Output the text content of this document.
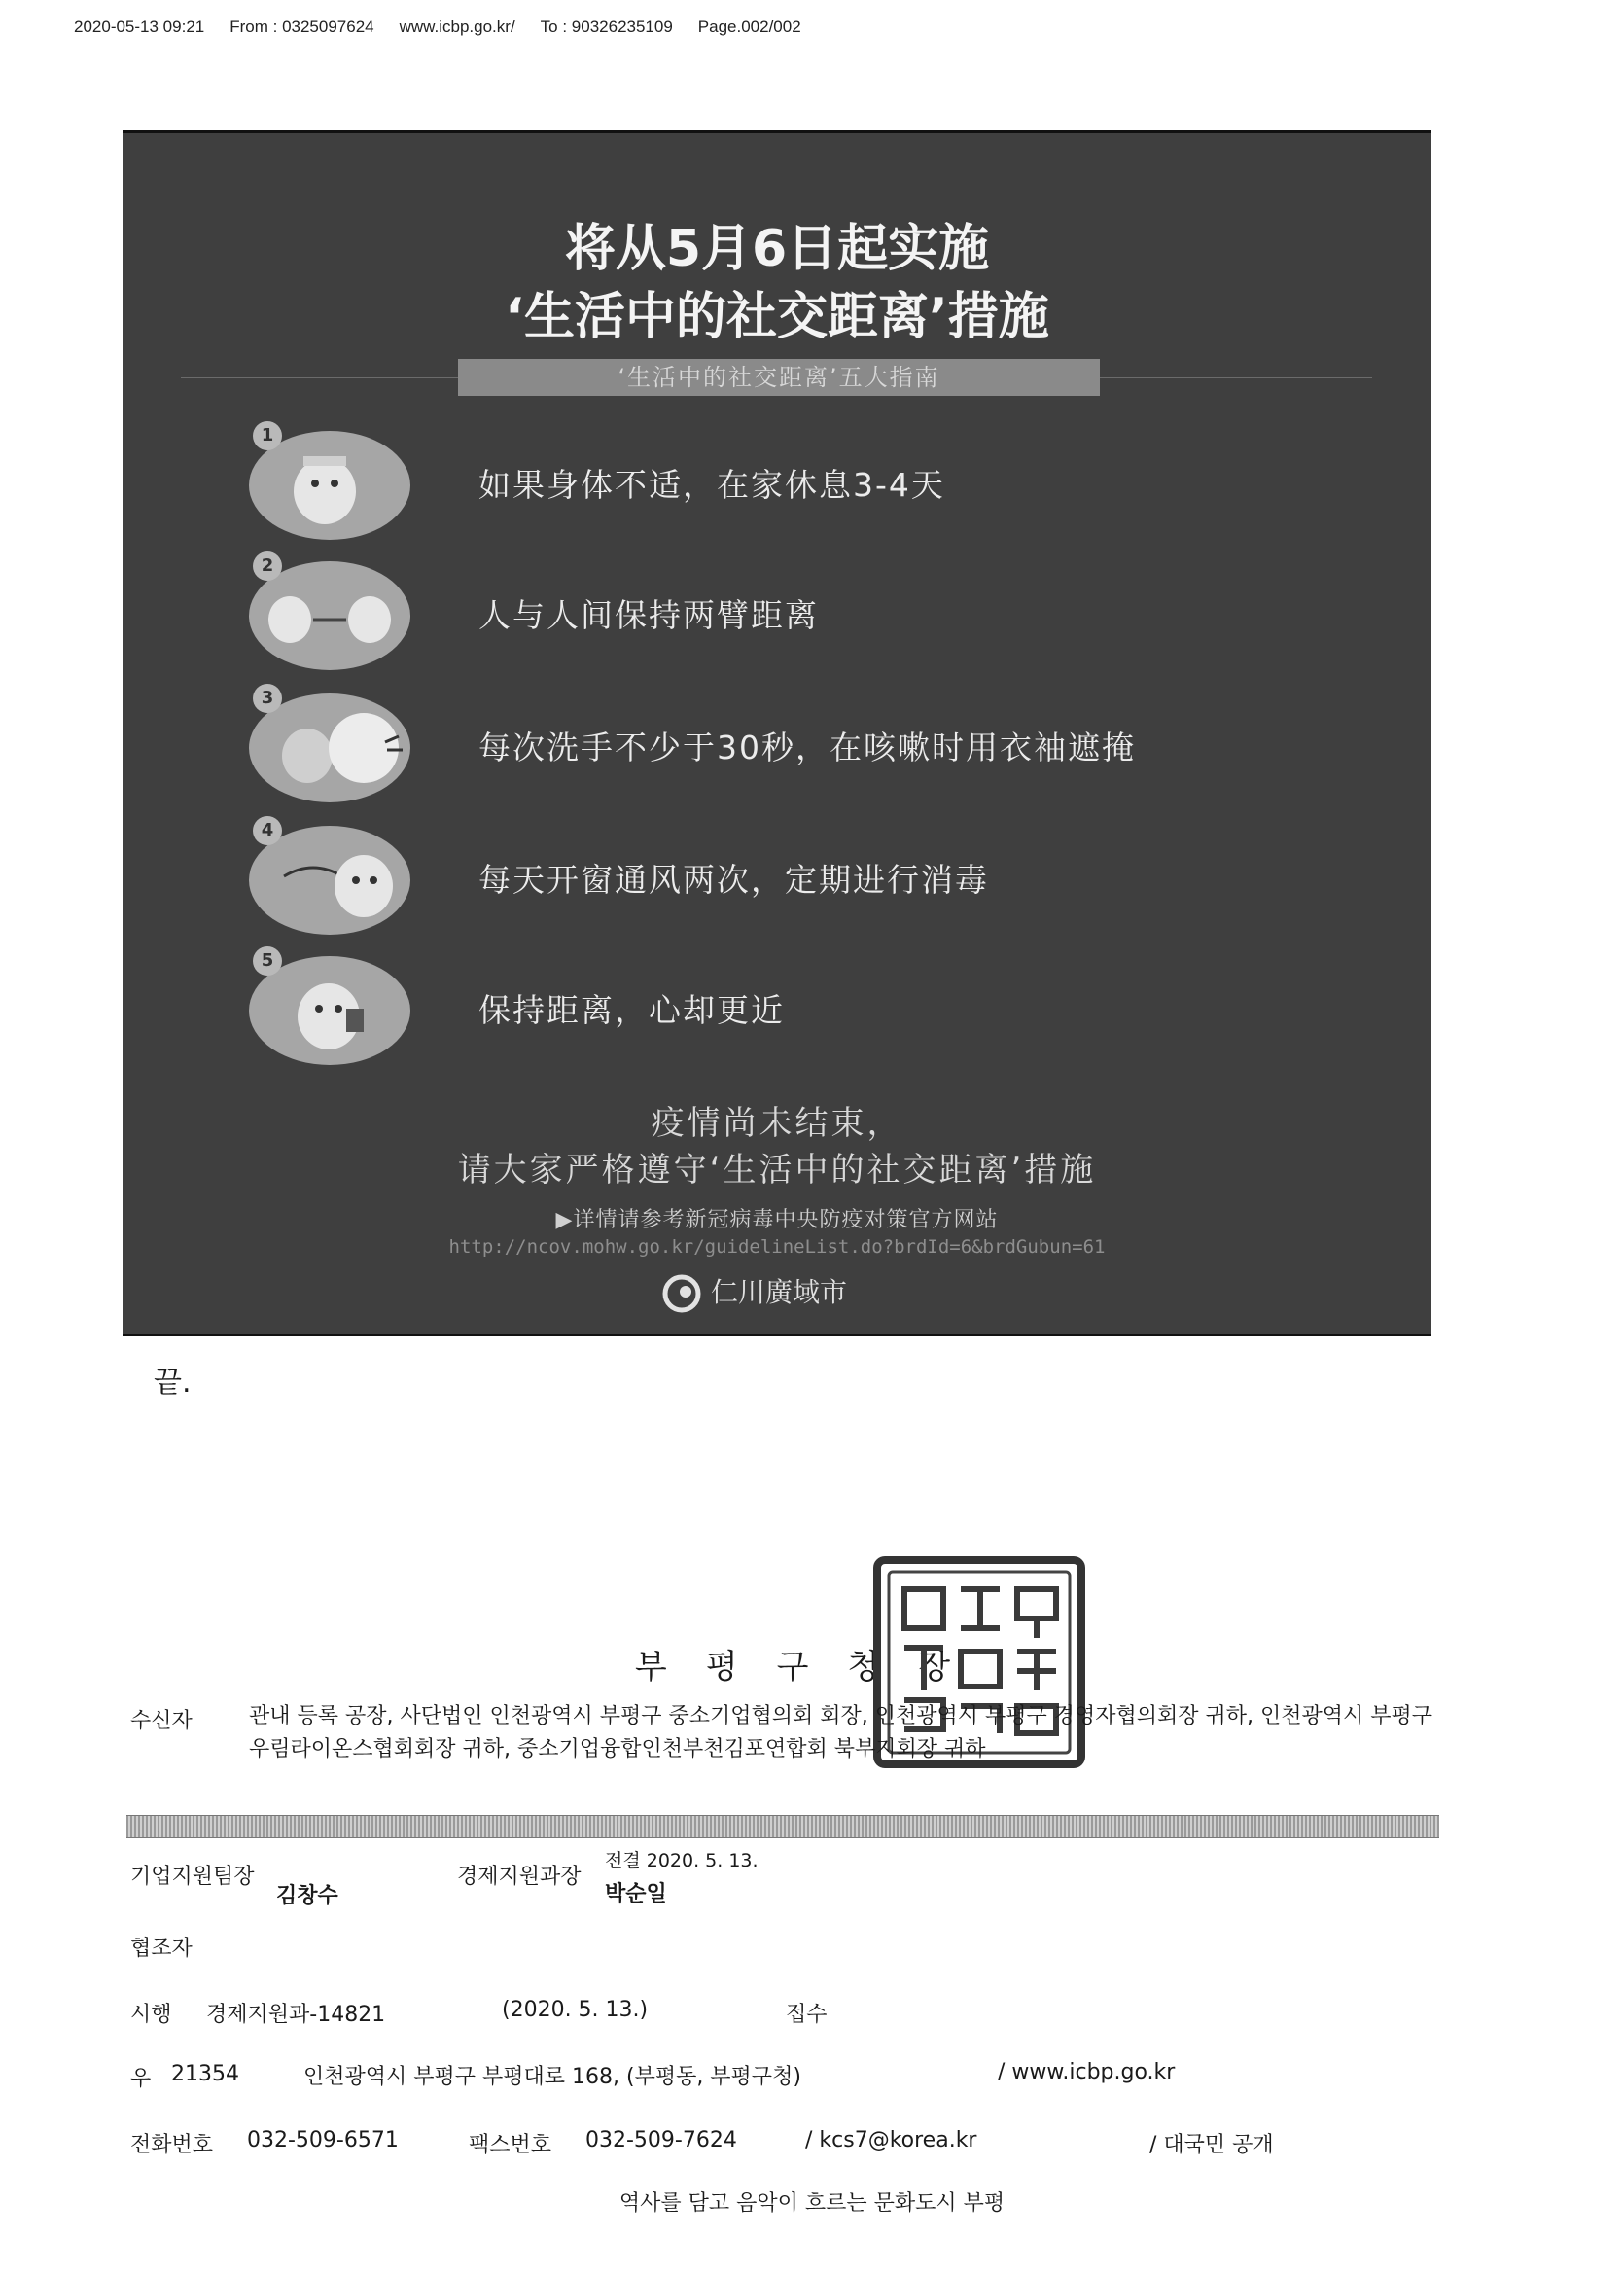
2020-05-13 09:21 From : 0325097624 www.icbp.go.kr/ To : 90326235109 Page.002/002
将从5月6日起实施
‘生活中的社交距离’措施
‘生活中的社交距离’五大指南
1
如果身体不适，在家休息3-4天
2
人与人间保持两臂距离
3
每次洗手不少于30秒，在咳嗽时用衣袖遮掩
4
每天开窗通风两次，定期进行消毒
5
保持距离，心却更近
疫情尚未结束，
请大家严格遵守‘生活中的社交距离’措施
▶详情请参考新冠病毒中央防疫对策官方网站
http://ncov.mohw.go.kr/guidelineList.do?brdId=6&brdGubun=61
仁川廣域市
끝.
부평구청장
수신자	관내 등록 공장, 사단법인 인천광역시 부평구 중소기업협의회 회장, 인천광역시 부평구 경영자협의회장 귀하, 인천광역시 부평구 우림라이온스협회회장 귀하, 중소기업융합인천부천김포연합회 북부지회장 귀하
기업지원팀장
김창수
경제지원과장
전결 2020. 5. 13.
박순일
협조자
시행 경제지원과-14821	(2020. 5. 13.)	접수
우 21354	인천광역시 부평구 부평대로 168, (부평동, 부평구청)	/ www.icbp.go.kr
전화번호 032-509-6571	팩스번호 032-509-7624	/ kcs7@korea.kr	/ 대국민 공개
역사를 담고 음악이 흐르는 문화도시 부평
